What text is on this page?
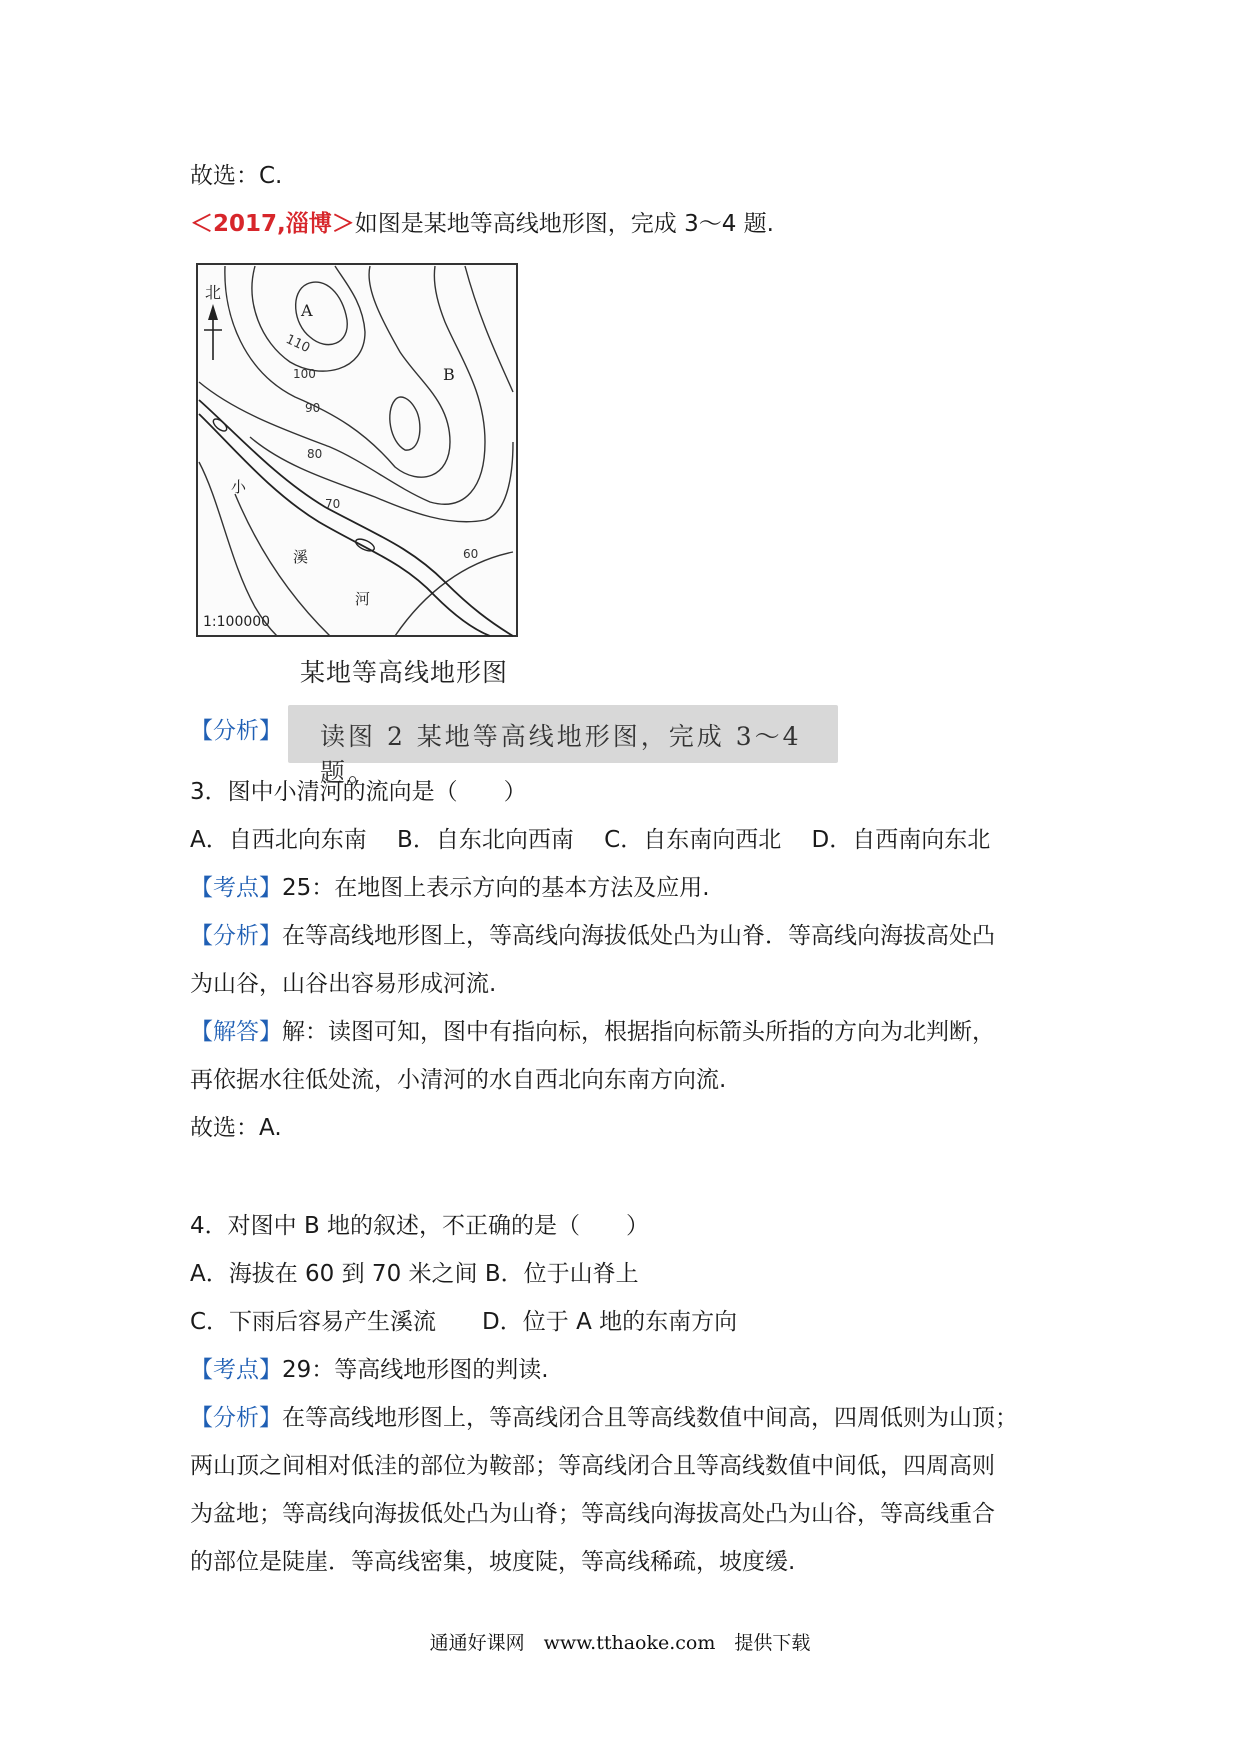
故选：C.
＜2017,淄博＞如图是某地等高线地形图，完成 3～4 题.
北
A
B
110
100
90
80
70
60
小
溪
河
1:100000
某地等高线地形图
【分析】 读图 2 某地等高线地形图，完成 3～4 题。
3．图中小清河的流向是（　　）
A．自西北向东南　 B．自东北向西南　 C．自东南向西北　 D．自西南向东北
【考点】25：在地图上表示方向的基本方法及应用.
【分析】在等高线地形图上，等高线向海拔低处凸为山脊．等高线向海拔高处凸
为山谷，山谷出容易形成河流.
【解答】解：读图可知，图中有指向标，根据指向标箭头所指的方向为北判断，
再依据水往低处流，小清河的水自西北向东南方向流.
故选：A.
4．对图中 B 地的叙述，不正确的是（　　）
A．海拔在 60 到 70 米之间 B．位于山脊上
C．下雨后容易产生溪流　　D．位于 A 地的东南方向
【考点】29：等高线地形图的判读.
【分析】在等高线地形图上，等高线闭合且等高线数值中间高，四周低则为山顶；
两山顶之间相对低洼的部位为鞍部；等高线闭合且等高线数值中间低，四周高则
为盆地；等高线向海拔低处凸为山脊；等高线向海拔高处凸为山谷，等高线重合
的部位是陡崖．等高线密集，坡度陡，等高线稀疏，坡度缓.
通通好课网　www.tthaoke.com　提供下载
